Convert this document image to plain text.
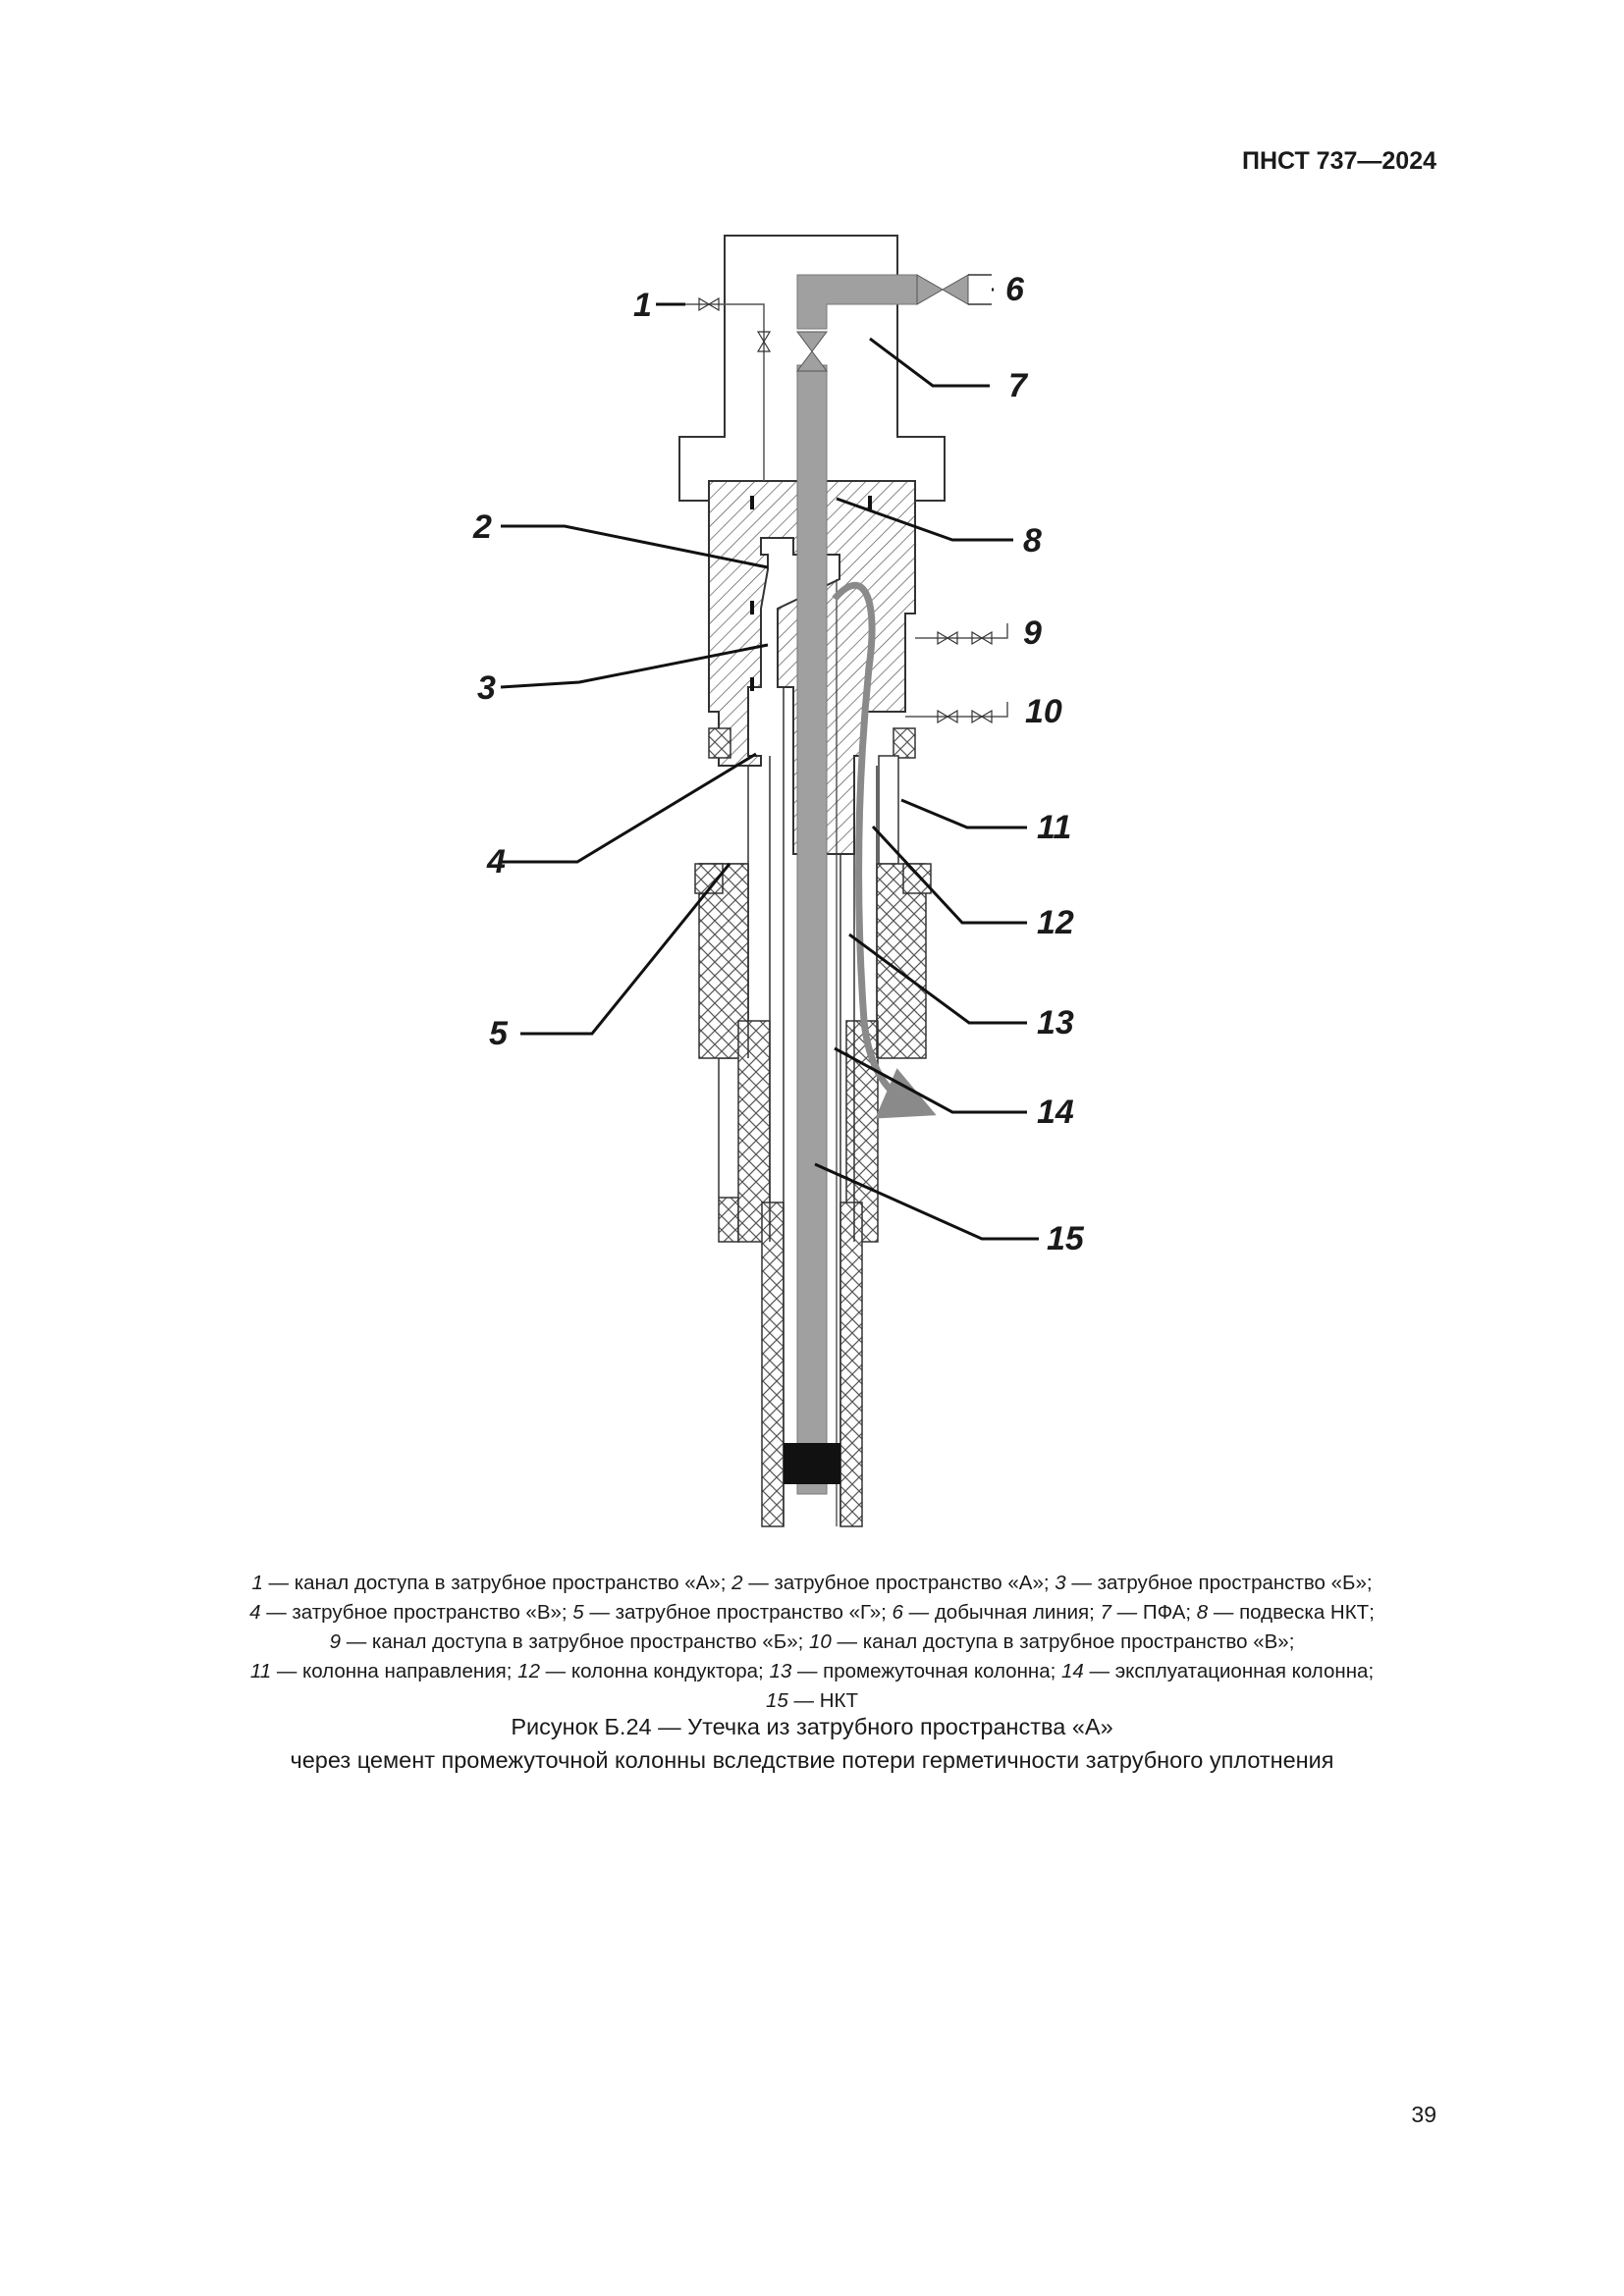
ПНСТ 737—2024
1
2
3
4
5
6
7
8
9
10
11
12
13
14
15
1 — канал доступа в затрубное пространство «А»; 2 — затрубное пространство «А»; 3 — затрубное пространство «Б»;
4 — затрубное пространство «В»; 5 — затрубное пространство «Г»; 6 — добычная линия; 7 — ПФА; 8 — подвеска НКТ;
9 — канал доступа в затрубное пространство «Б»; 10 — канал доступа в затрубное пространство «В»;
11 — колонна направления; 12 — колонна кондуктора; 13 — промежуточная колонна; 14 — эксплуатационная колонна;
15 — НКТ
Рисунок Б.24 — Утечка из затрубного пространства «А»
через цемент промежуточной колонны вследствие потери герметичности затрубного уплотнения
39
